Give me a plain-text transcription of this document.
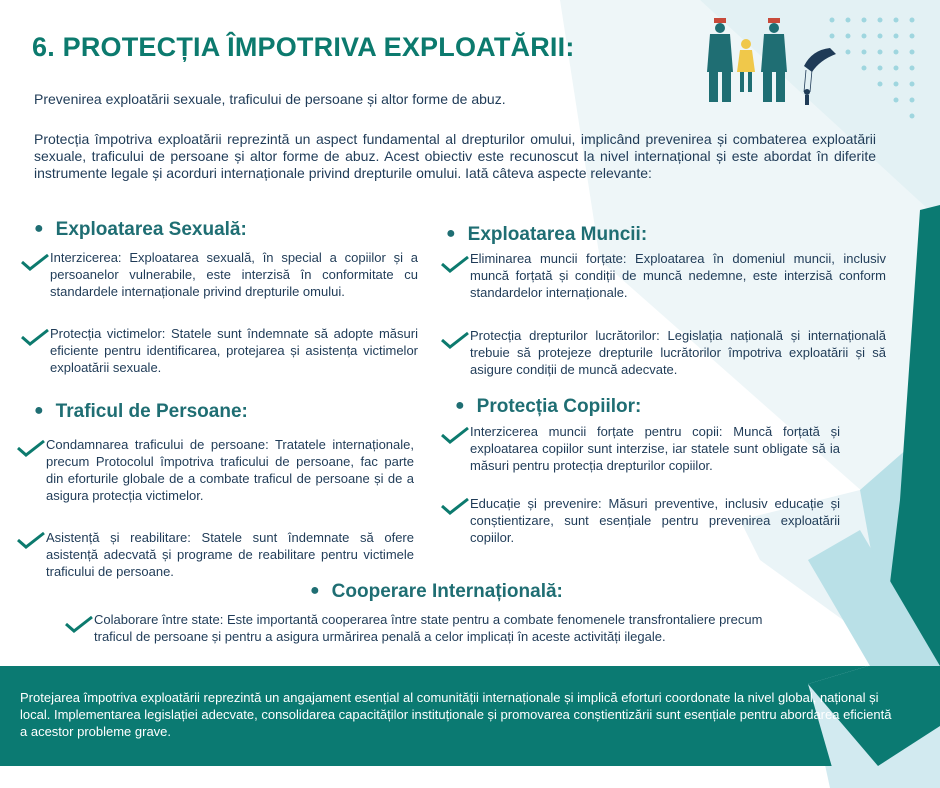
6. PROTECȚIA ÎMPOTRIVA EXPLOATĂRII:
Prevenirea exploatării sexuale, traficului de persoane și altor forme de abuz.
Protecția împotriva exploatării reprezintă un aspect fundamental al drepturilor omului, implicând prevenirea și combaterea exploatării sexuale, traficului de persoane și altor forme de abuz. Acest obiectiv este recunoscut la nivel internațional și este abordat în diferite instrumente legale și acorduri internaționale privind drepturile omului. Iată câteva aspecte relevante:
● Exploatarea Sexuală:
Interzicerea: Exploatarea sexuală, în special a copiilor și a persoanelor vulnerabile, este interzisă în conformitate cu standardele internaționale privind drepturile omului.
Protecția victimelor: Statele sunt îndemnate să adopte măsuri eficiente pentru identificarea, protejarea și asistența victimelor exploatării sexuale.
● Exploatarea Muncii:
Eliminarea muncii forțate: Exploatarea în domeniul muncii, inclusiv muncă forțată și condiții de muncă nedemne, este interzisă conform standardelor internaționale.
Protecția drepturilor lucrătorilor: Legislația națională și internațională trebuie să protejeze drepturile lucrătorilor împotriva exploatării și să asigure condiții de muncă adecvate.
● Traficul de Persoane:
Condamnarea traficului de persoane: Tratatele internaționale, precum Protocolul împotriva traficului de persoane, fac parte din eforturile globale de a combate traficul de persoane și de a asigura protecția victimelor.
Asistență și reabilitare: Statele sunt îndemnate să ofere asistență adecvată și programe de reabilitare pentru victimele traficului de persoane.
● Protecția Copiilor:
Interzicerea muncii forțate pentru copii: Muncă forțată și exploatarea copiilor sunt interzise, iar statele sunt obligate să ia măsuri pentru protecția drepturilor copiilor.
Educație și prevenire: Măsuri preventive, inclusiv educație și conștientizare, sunt esențiale pentru prevenirea exploatării copiilor.
● Cooperare Internațională:
Colaborare între state: Este importantă cooperarea între state pentru a combate fenomenele transfrontaliere precum traficul de persoane și pentru a asigura urmărirea penală a celor implicați în aceste activități ilegale.
Protejarea împotriva exploatării reprezintă un angajament esențial al comunității internaționale și implică eforturi coordonate la nivel global, național și local. Implementarea legislației adecvate, consolidarea capacităților instituționale și promovarea conștientizării sunt esențiale pentru abordarea eficientă a acestor probleme grave.
